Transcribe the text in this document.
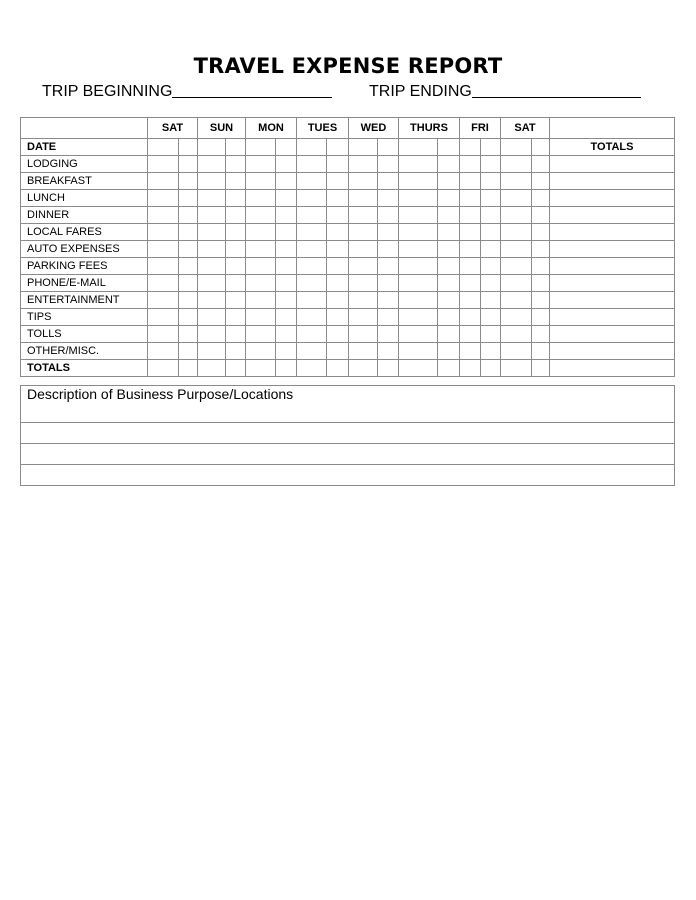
TRAVEL EXPENSE REPORT
TRIP BEGINNING	TRIP ENDING
	SAT		SUN		MON		TUES		WED		THURS		FRI		SAT		
DATE																	TOTALS
LODGING																	
BREAKFAST																	
LUNCH																	
DINNER																	
LOCAL FARES																	
AUTO EXPENSES																	
PARKING FEES																	
PHONE/E-MAIL																	
ENTERTAINMENT																	
TIPS																	
TOLLS																	
OTHER/MISC.																	
TOTALS																	
Description of Business Purpose/Locations
